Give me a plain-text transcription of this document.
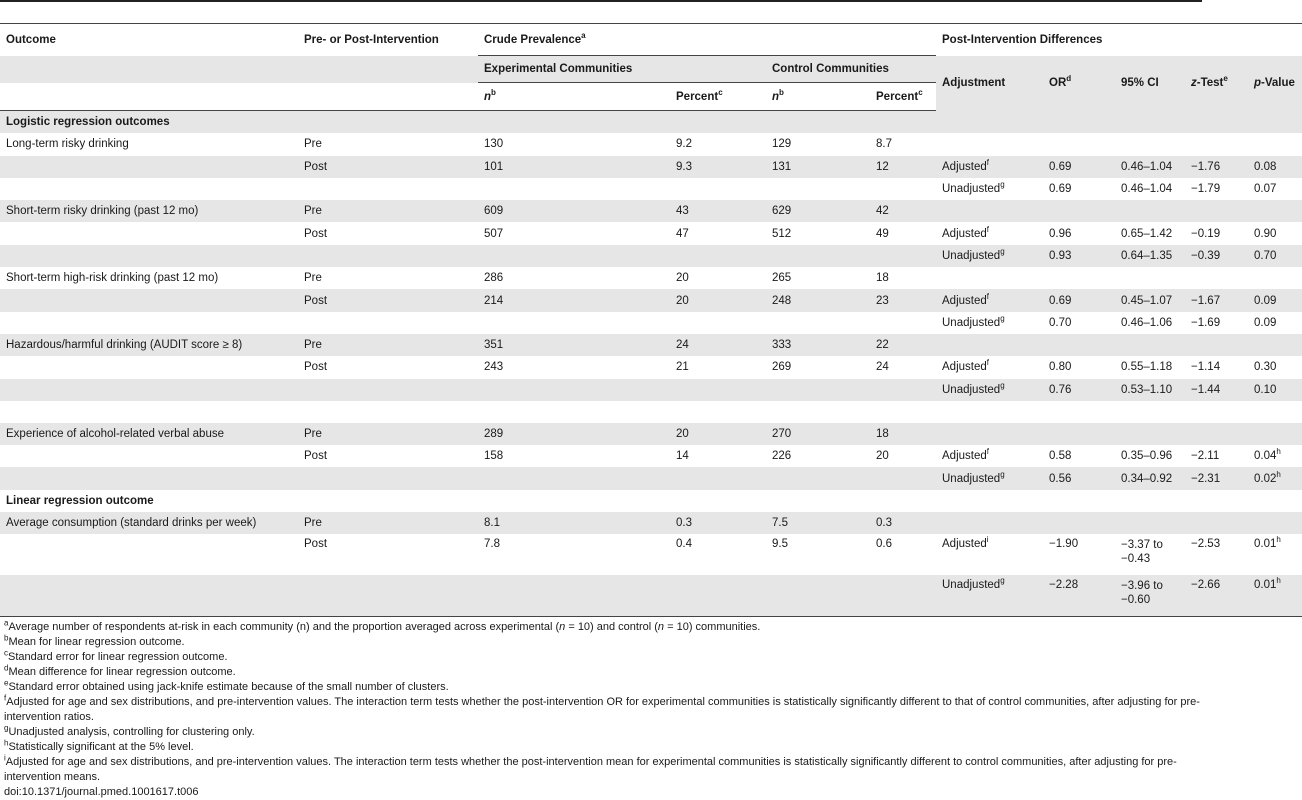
Outcome	Pre- or Post-Intervention	Crude Prevalence$^a$				Post-Intervention Differences				
		Experimental Communities		Control Communities		Adjustment	$OR^d$	95% CI	z-Test$^e$	p-Value
		$n^b$	Percent$^c$	$n^b$	Percent$^c$
Logistic regression outcomes										
Long-term risky drinking	Pre	130	9.2	129	8.7					
	Post	101	9.3	131	12	Adjusted$^f$	0.69	0.46–1.04	−1.76	0.08
						Unadjusted$^g$	0.69	0.46–1.04	−1.79	0.07
Short-term risky drinking (past 12 mo)	Pre	609	43	629	42					
	Post	507	47	512	49	Adjusted$^f$	0.96	0.65–1.42	−0.19	0.90
						Unadjusted$^g$	0.93	0.64–1.35	−0.39	0.70
Short-term high-risk drinking (past 12 mo)	Pre	286	20	265	18					
	Post	214	20	248	23	Adjusted$^f$	0.69	0.45–1.07	−1.67	0.09
						Unadjusted$^g$	0.70	0.46–1.06	−1.69	0.09
Hazardous/harmful drinking (AUDIT score ≥ 8)	Pre	351	24	333	22					
	Post	243	21	269	24	Adjusted$^f$	0.80	0.55–1.18	−1.14	0.30
						Unadjusted$^g$	0.76	0.53–1.10	−1.44	0.10

Experience of alcohol-related verbal abuse	Pre	289	20	270	18					
	Post	158	14	226	20	Adjusted$^f$	0.58	0.35–0.96	−2.11	0.04$^h$
						Unadjusted$^g$	0.56	0.34–0.92	−2.31	0.02$^h$
Linear regression outcome										
Average consumption (standard drinks per week)	Pre	8.1	0.3	7.5	0.3					
	Post	7.8	0.4	9.5	0.6	Adjusted$^i$	−1.90	−3.37 to −0.43	−2.53	0.01$^h$
						Unadjusted$^g$	−2.28	−3.96 to −0.60	−2.66	0.01$^h$
$^a$Average number of respondents at-risk in each community (n) and the proportion averaged across experimental (n = 10) and control (n = 10) communities.
$^b$Mean for linear regression outcome.
$^c$Standard error for linear regression outcome.
$^d$Mean difference for linear regression outcome.
$^e$Standard error obtained using jack-knife estimate because of the small number of clusters.
$^f$Adjusted for age and sex distributions, and pre-intervention values. The interaction term tests whether the post-intervention OR for experimental communities is statistically significantly different to that of control communities, after adjusting for pre-intervention ratios.
$^g$Unadjusted analysis, controlling for clustering only.
$^h$Statistically significant at the 5% level.
$^i$Adjusted for age and sex distributions, and pre-intervention values. The interaction term tests whether the post-intervention mean for experimental communities is statistically significantly different to control communities, after adjusting for pre-intervention means.
doi:10.1371/journal.pmed.1001617.t006
